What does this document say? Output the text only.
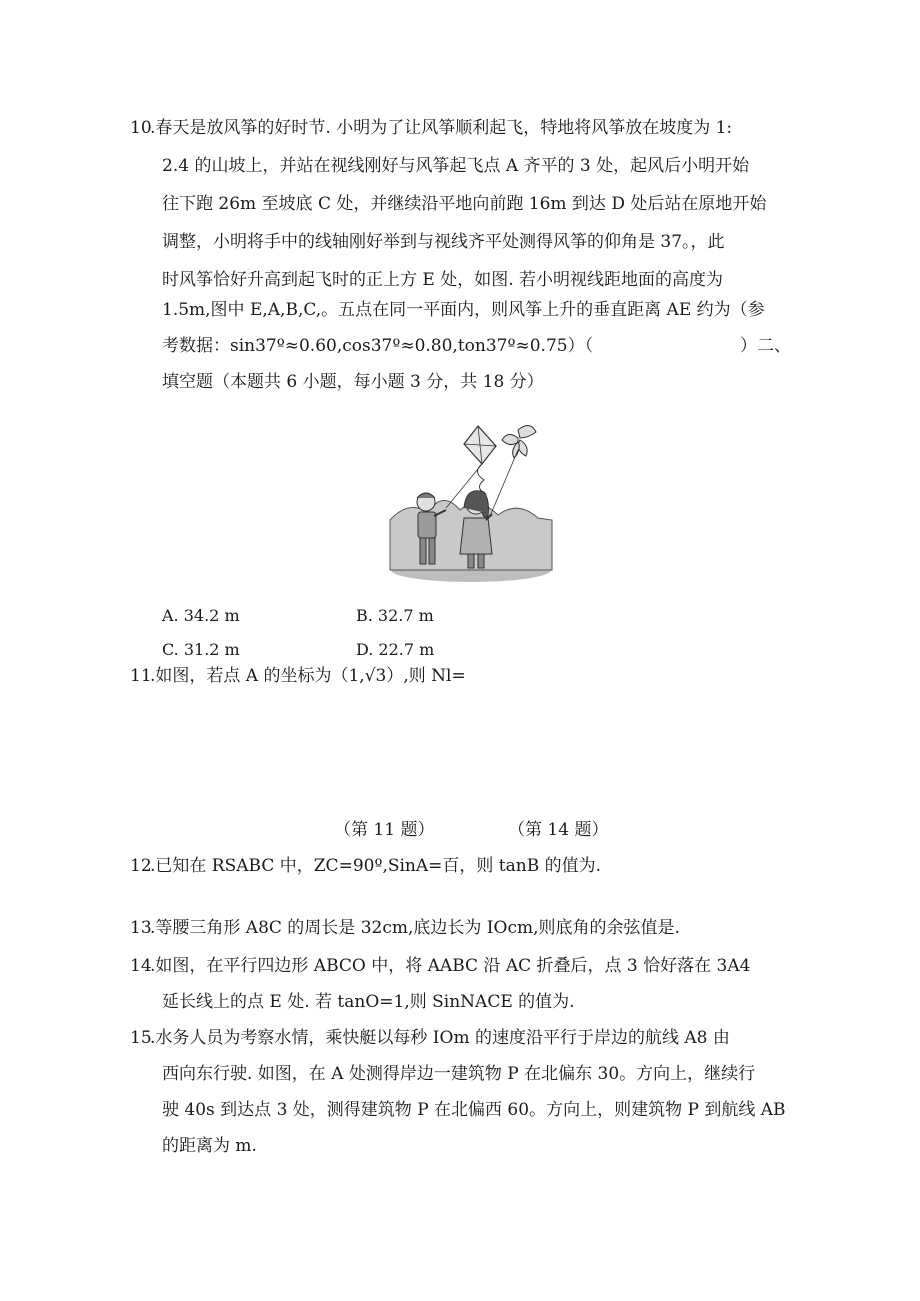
10
.春天是放风筝的好时节. 小明为了让风筝顺利起飞，特地将风筝放在坡度为 1:
2.4 的山坡上，并站在视线刚好与风筝起飞点 A 齐平的 3 处，起风后小明开始
往下跑 26m 至坡底 C 处，并继续沿平地向前跑 16m 到达 D 处后站在原地开始
调整，小明将手中的线轴刚好举到与视线齐平处测得风筝的仰角是 37。，此
时风筝恰好升高到起飞时的正上方 E 处，如图. 若小明视线距地面的高度为
1.5m,图中 E,A,B,C,。五点在同一平面内，则风筝上升的垂直距离 AE 约为（参
考数据：sin37º≈0.60,cos37º≈0.80,ton37º≈0.75）（	）二、
填空题（本题共 6 小题，每小题 3 分，共 18 分）
A. 34.2 m	B. 32.7 m
C. 31.2 m	D. 22.7 m
11
.如图，若点 A 的坐标为（1,√3）,则 Nl=
（第 11 题）	（第 14 题）
12
.已知在 RSABC 中，ZC=90º,SinA=百，则 tanB 的值为.
13
.等腰三角形 A8C 的周长是 32cm,底边长为 IOcm,则底角的余弦值是.
14
.如图，在平行四边形 ABCO 中，将 AABC 沿 AC 折叠后，点 3 恰好落在 3A4
延长线上的点 E 处. 若 tanO=1,则 SinNACE 的值为.
15
.水务人员为考察水情，乘快艇以每秒 IOm 的速度沿平行于岸边的航线 A8 由
西向东行驶. 如图，在 A 处测得岸边一建筑物 P 在北偏东 30。方向上，继续行
驶 40s 到达点 3 处，测得建筑物 P 在北偏西 60。方向上，则建筑物 P 到航线 AB
的距离为 m.
